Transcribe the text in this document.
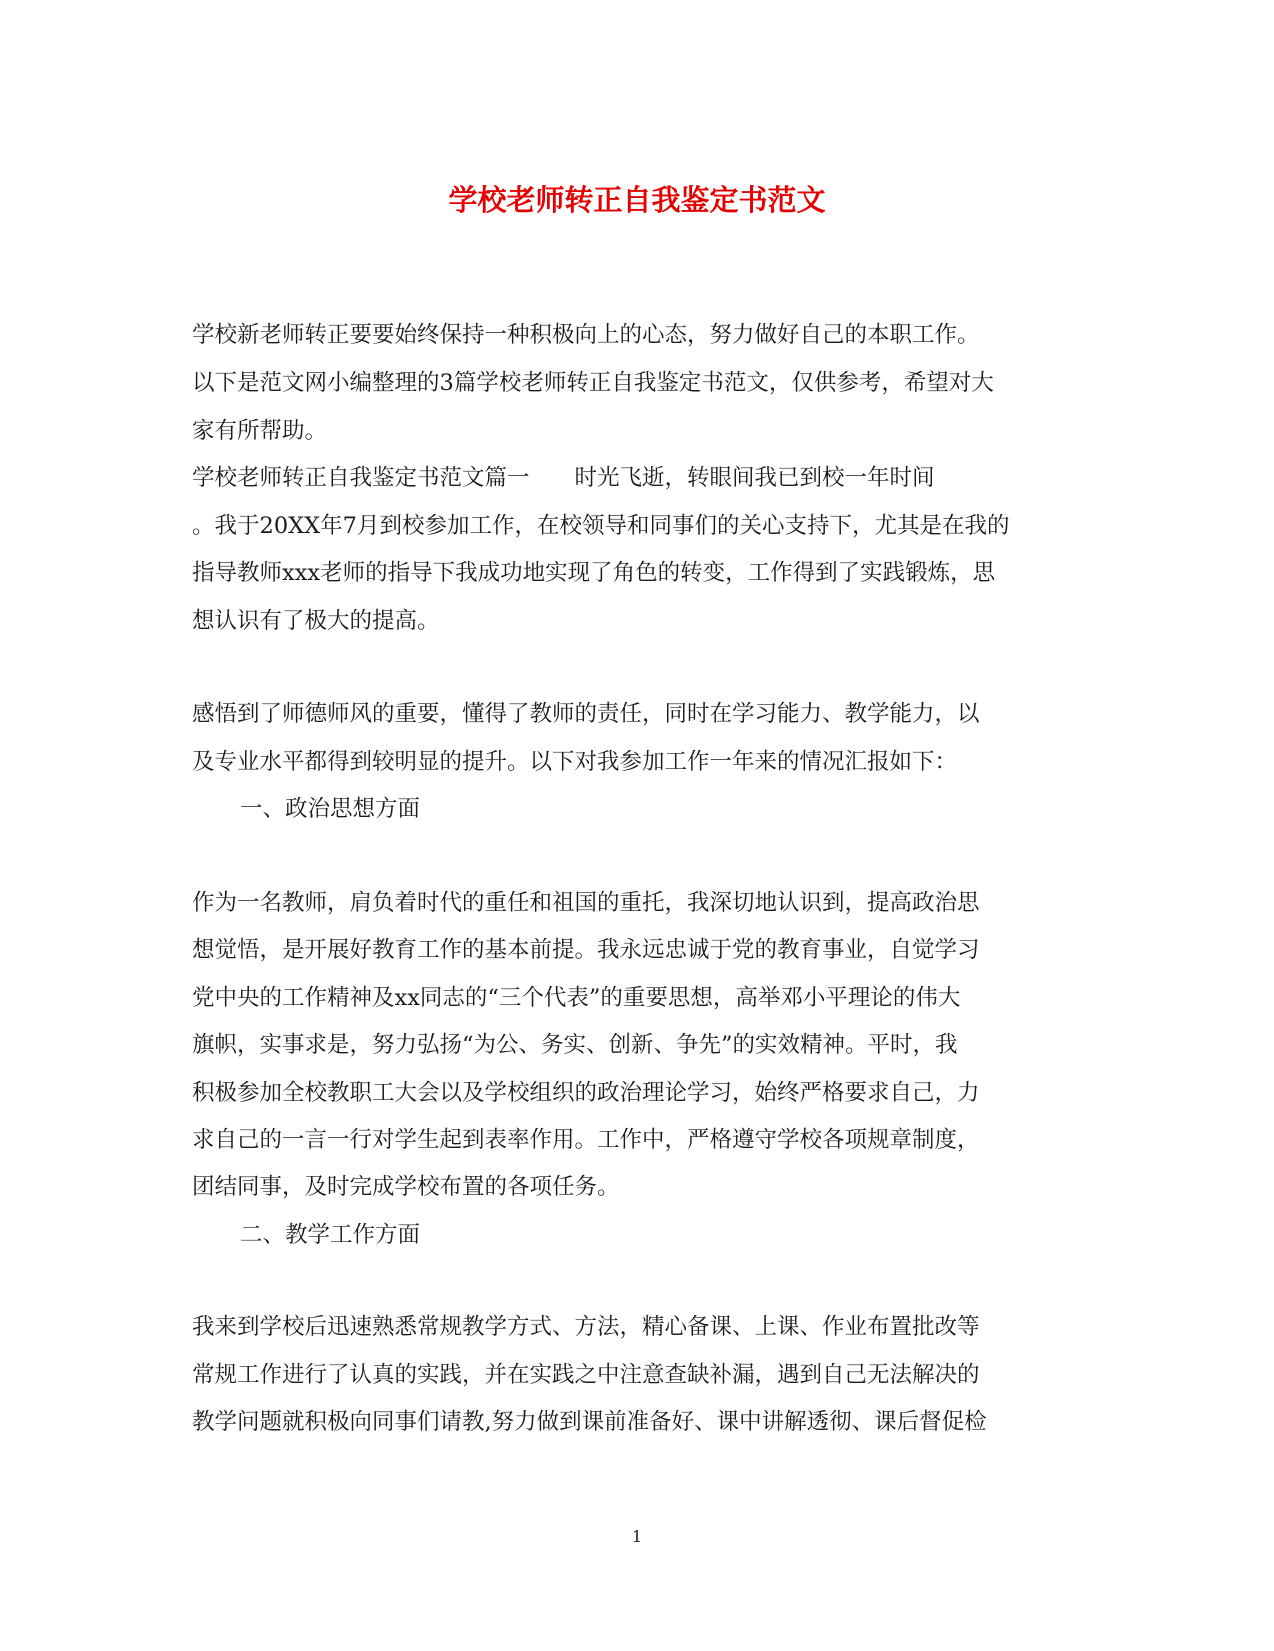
学校老师转正自我鉴定书范文
学校新老师转正要要始终保持一种积极向上的心态，努力做好自己的本职工作。
以下是范文网小编整理的3篇学校老师转正自我鉴定书范文，仅供参考，希望对大
家有所帮助。
学校老师转正自我鉴定书范文篇一　　时光飞逝，转眼间我已到校一年时间
。我于20XX年7月到校参加工作，在校领导和同事们的关心支持下，尤其是在我的
指导教师xxx老师的指导下我成功地实现了角色的转变，工作得到了实践锻炼，思
想认识有了极大的提高。
感悟到了师德师风的重要，懂得了教师的责任，同时在学习能力、教学能力，以
及专业水平都得到较明显的提升。以下对我参加工作一年来的情况汇报如下：
一、政治思想方面
作为一名教师，肩负着时代的重任和祖国的重托，我深切地认识到，提高政治思
想觉悟，是开展好教育工作的基本前提。我永远忠诚于党的教育事业，自觉学习
党中央的工作精神及xx同志的“三个代表”的重要思想，高举邓小平理论的伟大
旗帜，实事求是，努力弘扬“为公、务实、创新、争先”的实效精神。平时，我
积极参加全校教职工大会以及学校组织的政治理论学习，始终严格要求自己，力
求自己的一言一行对学生起到表率作用。工作中，严格遵守学校各项规章制度，
团结同事，及时完成学校布置的各项任务。
二、教学工作方面
我来到学校后迅速熟悉常规教学方式、方法，精心备课、上课、作业布置批改等
常规工作进行了认真的实践，并在实践之中注意查缺补漏，遇到自己无法解决的
教学问题就积极向同事们请教,努力做到课前准备好、课中讲解透彻、课后督促检
1
